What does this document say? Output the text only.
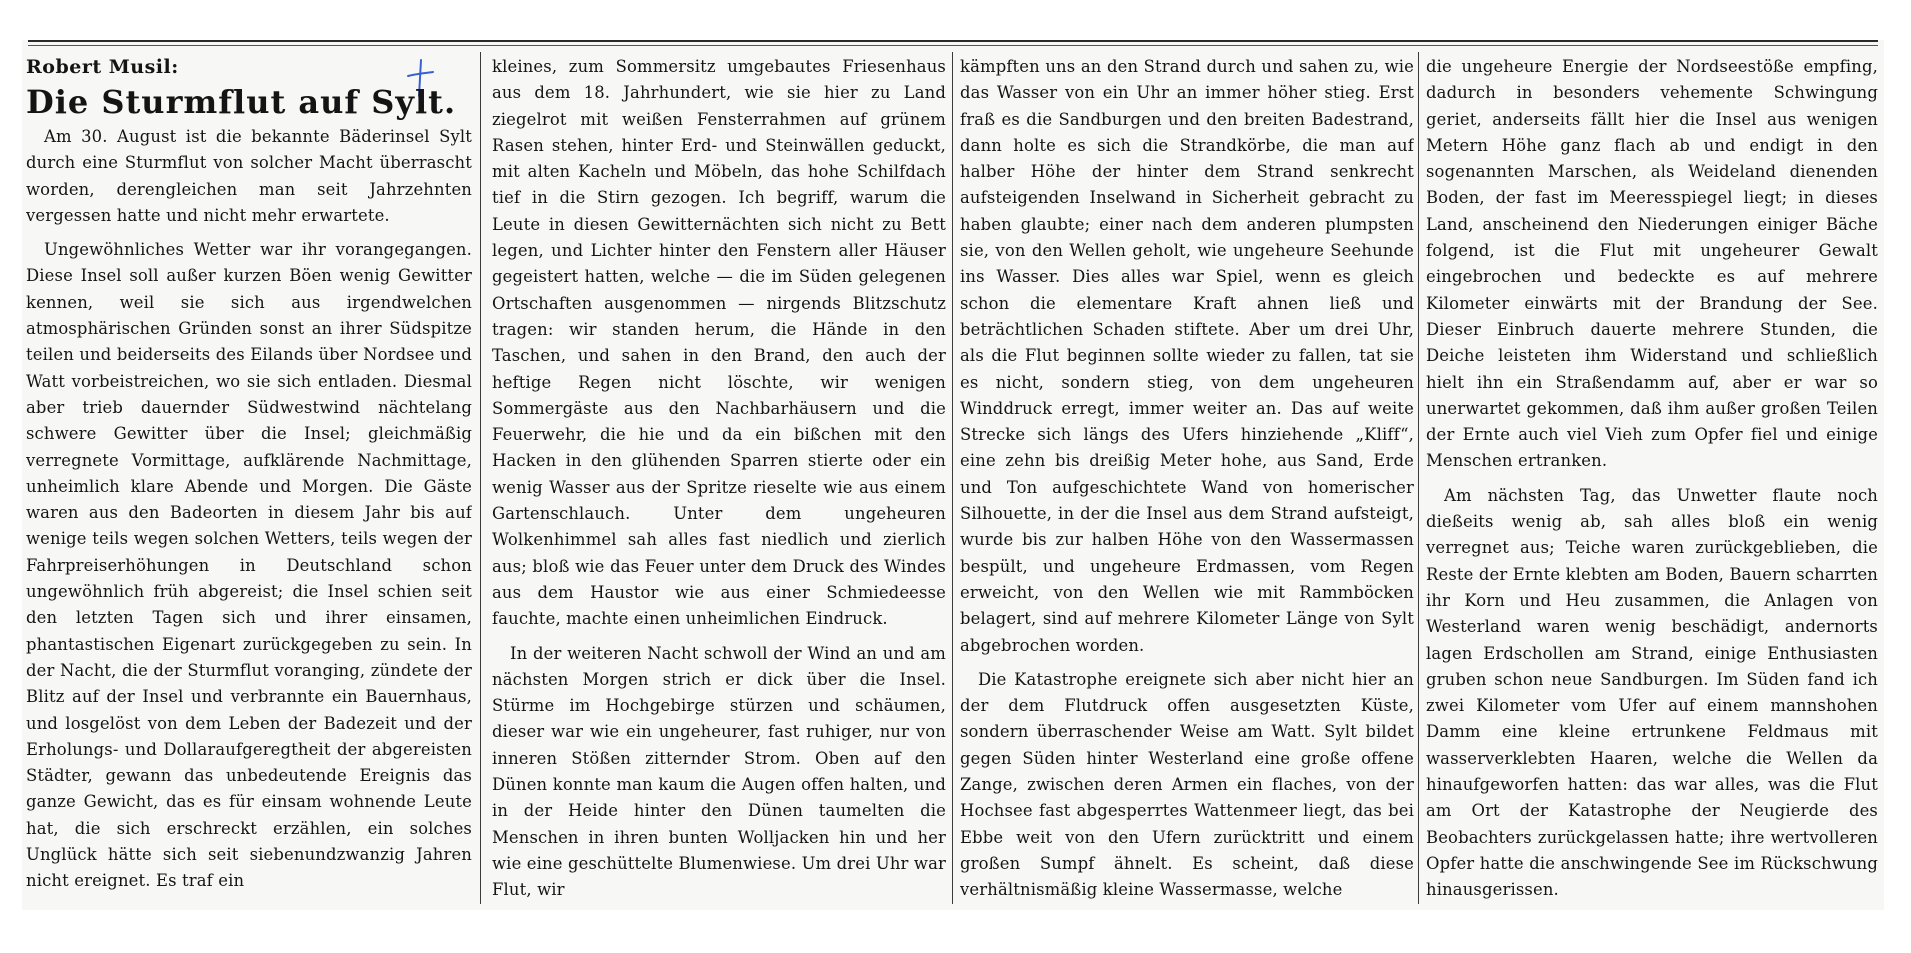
Robert Musil:

Die Sturmflut auf Sylt.

Am 30. August ist die bekannte Bäderinsel Sylt durch eine Sturmflut von solcher Macht überrascht worden, derengleichen man seit Jahrzehnten vergessen hatte und nicht mehr erwartete.

Ungewöhnliches Wetter war ihr vorangegangen. Diese Insel soll außer kurzen Böen wenig Gewitter kennen, weil sie sich aus irgendwelchen atmosphärischen Gründen sonst an ihrer Südspitze teilen und beiderseits des Eilands über Nordsee und Watt vorbeistreichen, wo sie sich entladen. Diesmal aber trieb dauernder Südwestwind nächtelang schwere Gewitter über die Insel; gleichmäßig verregnete Vormittage, aufklärende Nachmittage, unheimlich klare Abende und Morgen. Die Gäste waren aus den Badeorten in diesem Jahr bis auf wenige teils wegen solchen Wetters, teils wegen der Fahrpreiserhöhungen in Deutschland schon ungewöhnlich früh abgereist; die Insel schien seit den letzten Tagen sich und ihrer einsamen, phantastischen Eigenart zurückgegeben zu sein. In der Nacht, die der Sturmflut voranging, zündete der Blitz auf der Insel und verbrannte ein Bauernhaus, und losgelöst von dem Leben der Badezeit und der Erholungs- und Dollaraufgeregtheit der abgereisten Städter, gewann das unbedeutende Ereignis das ganze Gewicht, das es für einsam wohnende Leute hat, die sich erschreckt erzählen, ein solches Unglück hätte sich seit siebenundzwanzig Jahren nicht ereignet. Es traf ein

kleines, zum Sommersitz umgebautes Friesenhaus aus dem 18. Jahrhundert, wie sie hier zu Land ziegelrot mit weißen Fensterrahmen auf grünem Rasen stehen, hinter Erd- und Steinwällen geduckt, mit alten Kacheln und Möbeln, das hohe Schilfdach tief in die Stirn gezogen. Ich begriff, warum die Leute in diesen Gewitternächten sich nicht zu Bett legen, und Lichter hinter den Fenstern aller Häuser gegeistert hatten, welche — die im Süden gelegenen Ortschaften ausgenommen — nirgends Blitzschutz tragen: wir standen herum, die Hände in den Taschen, und sahen in den Brand, den auch der heftige Regen nicht löschte, wir wenigen Sommergäste aus den Nachbarhäusern und die Feuerwehr, die hie und da ein bißchen mit den Hacken in den glühenden Sparren stierte oder ein wenig Wasser aus der Spritze rieselte wie aus einem Gartenschlauch. Unter dem ungeheuren Wolkenhimmel sah alles fast niedlich und zierlich aus; bloß wie das Feuer unter dem Druck des Windes aus dem Haustor wie aus einer Schmiedeesse fauchte, machte einen unheimlichen Eindruck.

In der weiteren Nacht schwoll der Wind an und am nächsten Morgen strich er dick über die Insel. Stürme im Hochgebirge stürzen und schäumen, dieser war wie ein ungeheurer, fast ruhiger, nur von inneren Stößen zitternder Strom. Oben auf den Dünen konnte man kaum die Augen offen halten, und in der Heide hinter den Dünen taumelten die Menschen in ihren bunten Wolljacken hin und her wie eine geschüttelte Blumenwiese. Um drei Uhr war Flut, wir

kämpften uns an den Strand durch und sahen zu, wie das Wasser von ein Uhr an immer höher stieg. Erst fraß es die Sandburgen und den breiten Badestrand, dann holte es sich die Strandkörbe, die man auf halber Höhe der hinter dem Strand senkrecht aufsteigenden Inselwand in Sicherheit gebracht zu haben glaubte; einer nach dem anderen plumpsten sie, von den Wellen geholt, wie ungeheure Seehunde ins Wasser. Dies alles war Spiel, wenn es gleich schon die elementare Kraft ahnen ließ und beträchtlichen Schaden stiftete. Aber um drei Uhr, als die Flut beginnen sollte wieder zu fallen, tat sie es nicht, sondern stieg, von dem ungeheuren Winddruck erregt, immer weiter an. Das auf weite Strecke sich längs des Ufers hinziehende „Kliff“, eine zehn bis dreißig Meter hohe, aus Sand, Erde und Ton aufgeschichtete Wand von homerischer Silhouette, in der die Insel aus dem Strand aufsteigt, wurde bis zur halben Höhe von den Wassermassen bespült, und ungeheure Erdmassen, vom Regen erweicht, von den Wellen wie mit Rammböcken belagert, sind auf mehrere Kilometer Länge von Sylt abgebrochen worden.

Die Katastrophe ereignete sich aber nicht hier an der dem Flutdruck offen ausgesetzten Küste, sondern überraschender Weise am Watt. Sylt bildet gegen Süden hinter Westerland eine große offene Zange, zwischen deren Armen ein flaches, von der Hochsee fast abgesperrtes Wattenmeer liegt, das bei Ebbe weit von den Ufern zurücktritt und einem großen Sumpf ähnelt. Es scheint, daß diese verhältnismäßig kleine Wassermasse, welche

die ungeheure Energie der Nordseestöße empfing, dadurch in besonders vehemente Schwingung geriet, anderseits fällt hier die Insel aus wenigen Metern Höhe ganz flach ab und endigt in den sogenannten Marschen, als Weideland dienenden Boden, der fast im Meeresspiegel liegt; in dieses Land, anscheinend den Niederungen einiger Bäche folgend, ist die Flut mit ungeheurer Gewalt eingebrochen und bedeckte es auf mehrere Kilometer einwärts mit der Brandung der See. Dieser Einbruch dauerte mehrere Stunden, die Deiche leisteten ihm Widerstand und schließlich hielt ihn ein Straßendamm auf, aber er war so unerwartet gekommen, daß ihm außer großen Teilen der Ernte auch viel Vieh zum Opfer fiel und einige Menschen ertranken.

Am nächsten Tag, das Unwetter flaute noch dießeits wenig ab, sah alles bloß ein wenig verregnet aus; Teiche waren zurückgeblieben, die Reste der Ernte klebten am Boden, Bauern scharrten ihr Korn und Heu zusammen, die Anlagen von Westerland waren wenig beschädigt, andernorts lagen Erdschollen am Strand, einige Enthusiasten gruben schon neue Sandburgen. Im Süden fand ich zwei Kilometer vom Ufer auf einem mannshohen Damm eine kleine ertrunkene Feldmaus mit wasserverklebten Haaren, welche die Wellen da hinaufgeworfen hatten: das war alles, was die Flut am Ort der Katastrophe der Neugierde des Beobachters zurückgelassen hatte; ihre wertvolleren Opfer hatte die anschwingende See im Rückschwung hinausgerissen.
